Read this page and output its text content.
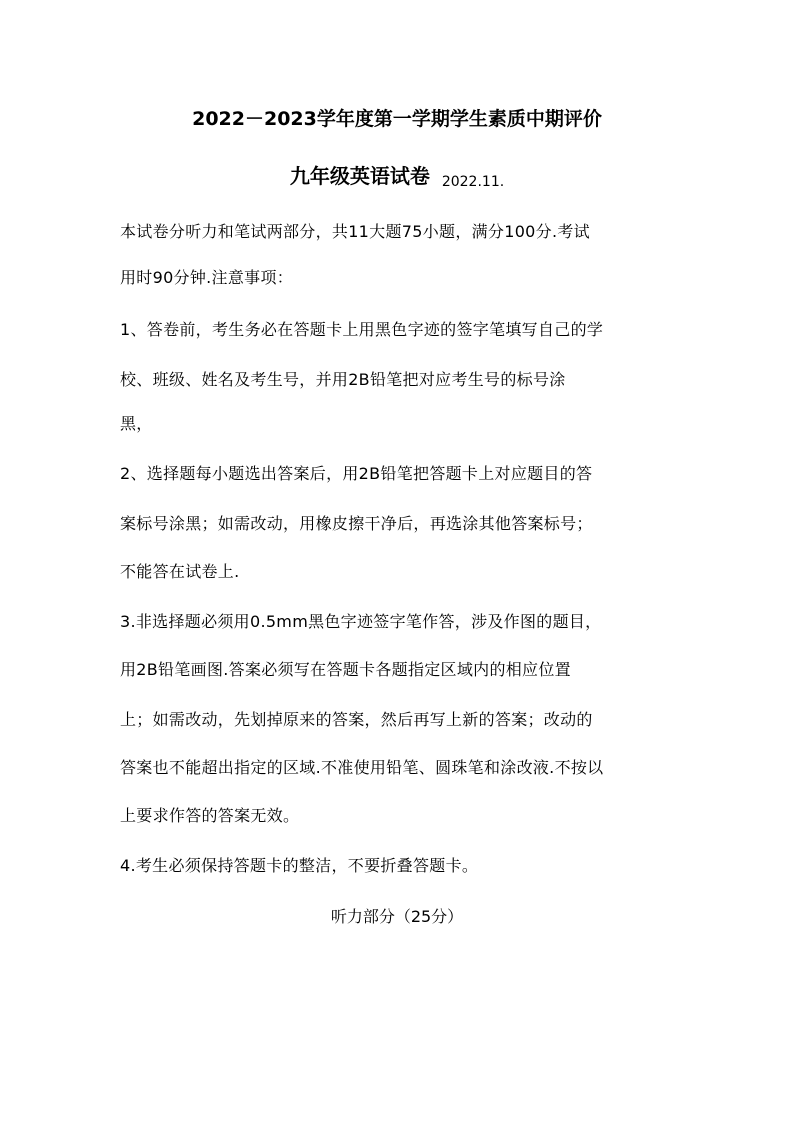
2022－2023学年度第一学期学生素质中期评价
九年级英语试卷 2022.11.
本试卷分听力和笔试两部分，共11大题75小题，满分100分.考试
用时90分钟.注意事项：
1、答卷前，考生务必在答题卡上用黑色字迹的签字笔填写自己的学
校、班级、姓名及考生号，并用2B铅笔把对应考生号的标号涂
黑，
2、选择题每小题选出答案后，用2B铅笔把答题卡上对应题目的答
案标号涂黑；如需改动，用橡皮擦干净后，再选涂其他答案标号；
不能答在试卷上.
3.非选择题必须用0.5mm黑色字迹签字笔作答，涉及作图的题目，
用2B铅笔画图.答案必须写在答题卡各题指定区域内的相应位置
上；如需改动，先划掉原来的答案，然后再写上新的答案；改动的
答案也不能超出指定的区域.不准使用铅笔、圆珠笔和涂改液.不按以
上要求作答的答案无效。
4.考生必须保持答题卡的整洁，不要折叠答题卡。
听力部分（25分）
